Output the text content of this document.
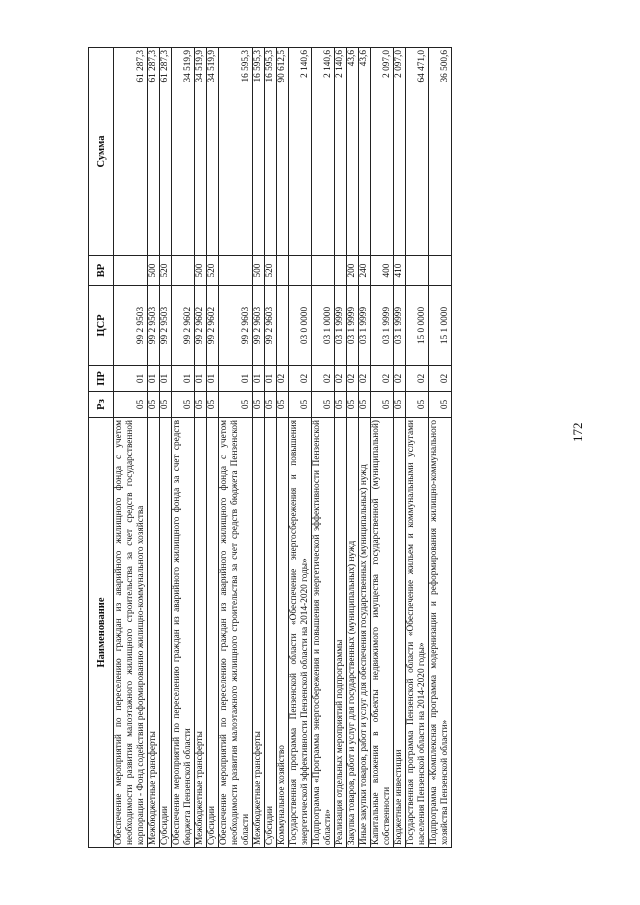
172
Наименование	Рз	ПР	ЦСР	ВР	Сумма
Обеспечение мероприятий по переселению граждан из аварийного жилищного фонда с учетом необходимости развития малоэтажного жилищного строительства за счет средств государственной корпорации - Фонд содействия реформированию жилищно-коммунального хозяйства	05	01	99 2 9503		61 287,3
Межбюджетные трансферты	05	01	99 2 9503	500	61 287,3
Субсидии	05	01	99 2 9503	520	61 287,3
Обеспечение мероприятий по переселению граждан из аварийного жилищного фонда за счет средств бюджета Пензенской области	05	01	99 2 9602		34 519,9
Межбюджетные трансферты	05	01	99 2 9602	500	34 519,9
Субсидии	05	01	99 2 9602	520	34 519,9
Обеспечение мероприятий по переселению граждан из аварийного жилищного фонда с учетом необходимости развития малоэтажного жилищного строительства за счет средств бюджета Пензенской области	05	01	99 2 9603		16 595,3
Межбюджетные трансферты	05	01	99 2 9603	500	16 595,3
Субсидии	05	01	99 2 9603	520	16 595,3
Коммунальное хозяйство	05	02			90 612,5
Государственная программа Пензенской области «Обеспечение энергосбережения и повышения энергетической эффективности Пензенской области на 2014-2020 годы»	05	02	03 0 0000		2 140,6
Подпрограмма «Программа энергосбережения и повышения энергетической эффективности Пензенской области»	05	02	03 1 0000		2 140,6
Реализация отдельных мероприятий подпрограммы	05	02	03 1 9999		2 140,6
Закупка товаров, работ и услуг для государственных (муниципальных) нужд	05	02	03 1 9999	200	43,6
Иные закупки товаров, работ и услуг для обеспечения государственных (муниципальных) нужд	05	02	03 1 9999	240	43,6
Капитальные вложения в объекты недвижимого имущества государственной (муниципальной) собственности	05	02	03 1 9999	400	2 097,0
Бюджетные инвестиции	05	02	03 1 9999	410	2 097,0
Государственная программа Пензенской области «Обеспечение жильем и коммунальными услугами населения Пензенской области на 2014-2020 годы»	05	02	15 0 0000		64 471,0
Подпрограмма «Комплексная программа модернизации и реформирования жилищно-коммунального хозяйства Пензенской области»	05	02	15 1 0000		36 500,6
